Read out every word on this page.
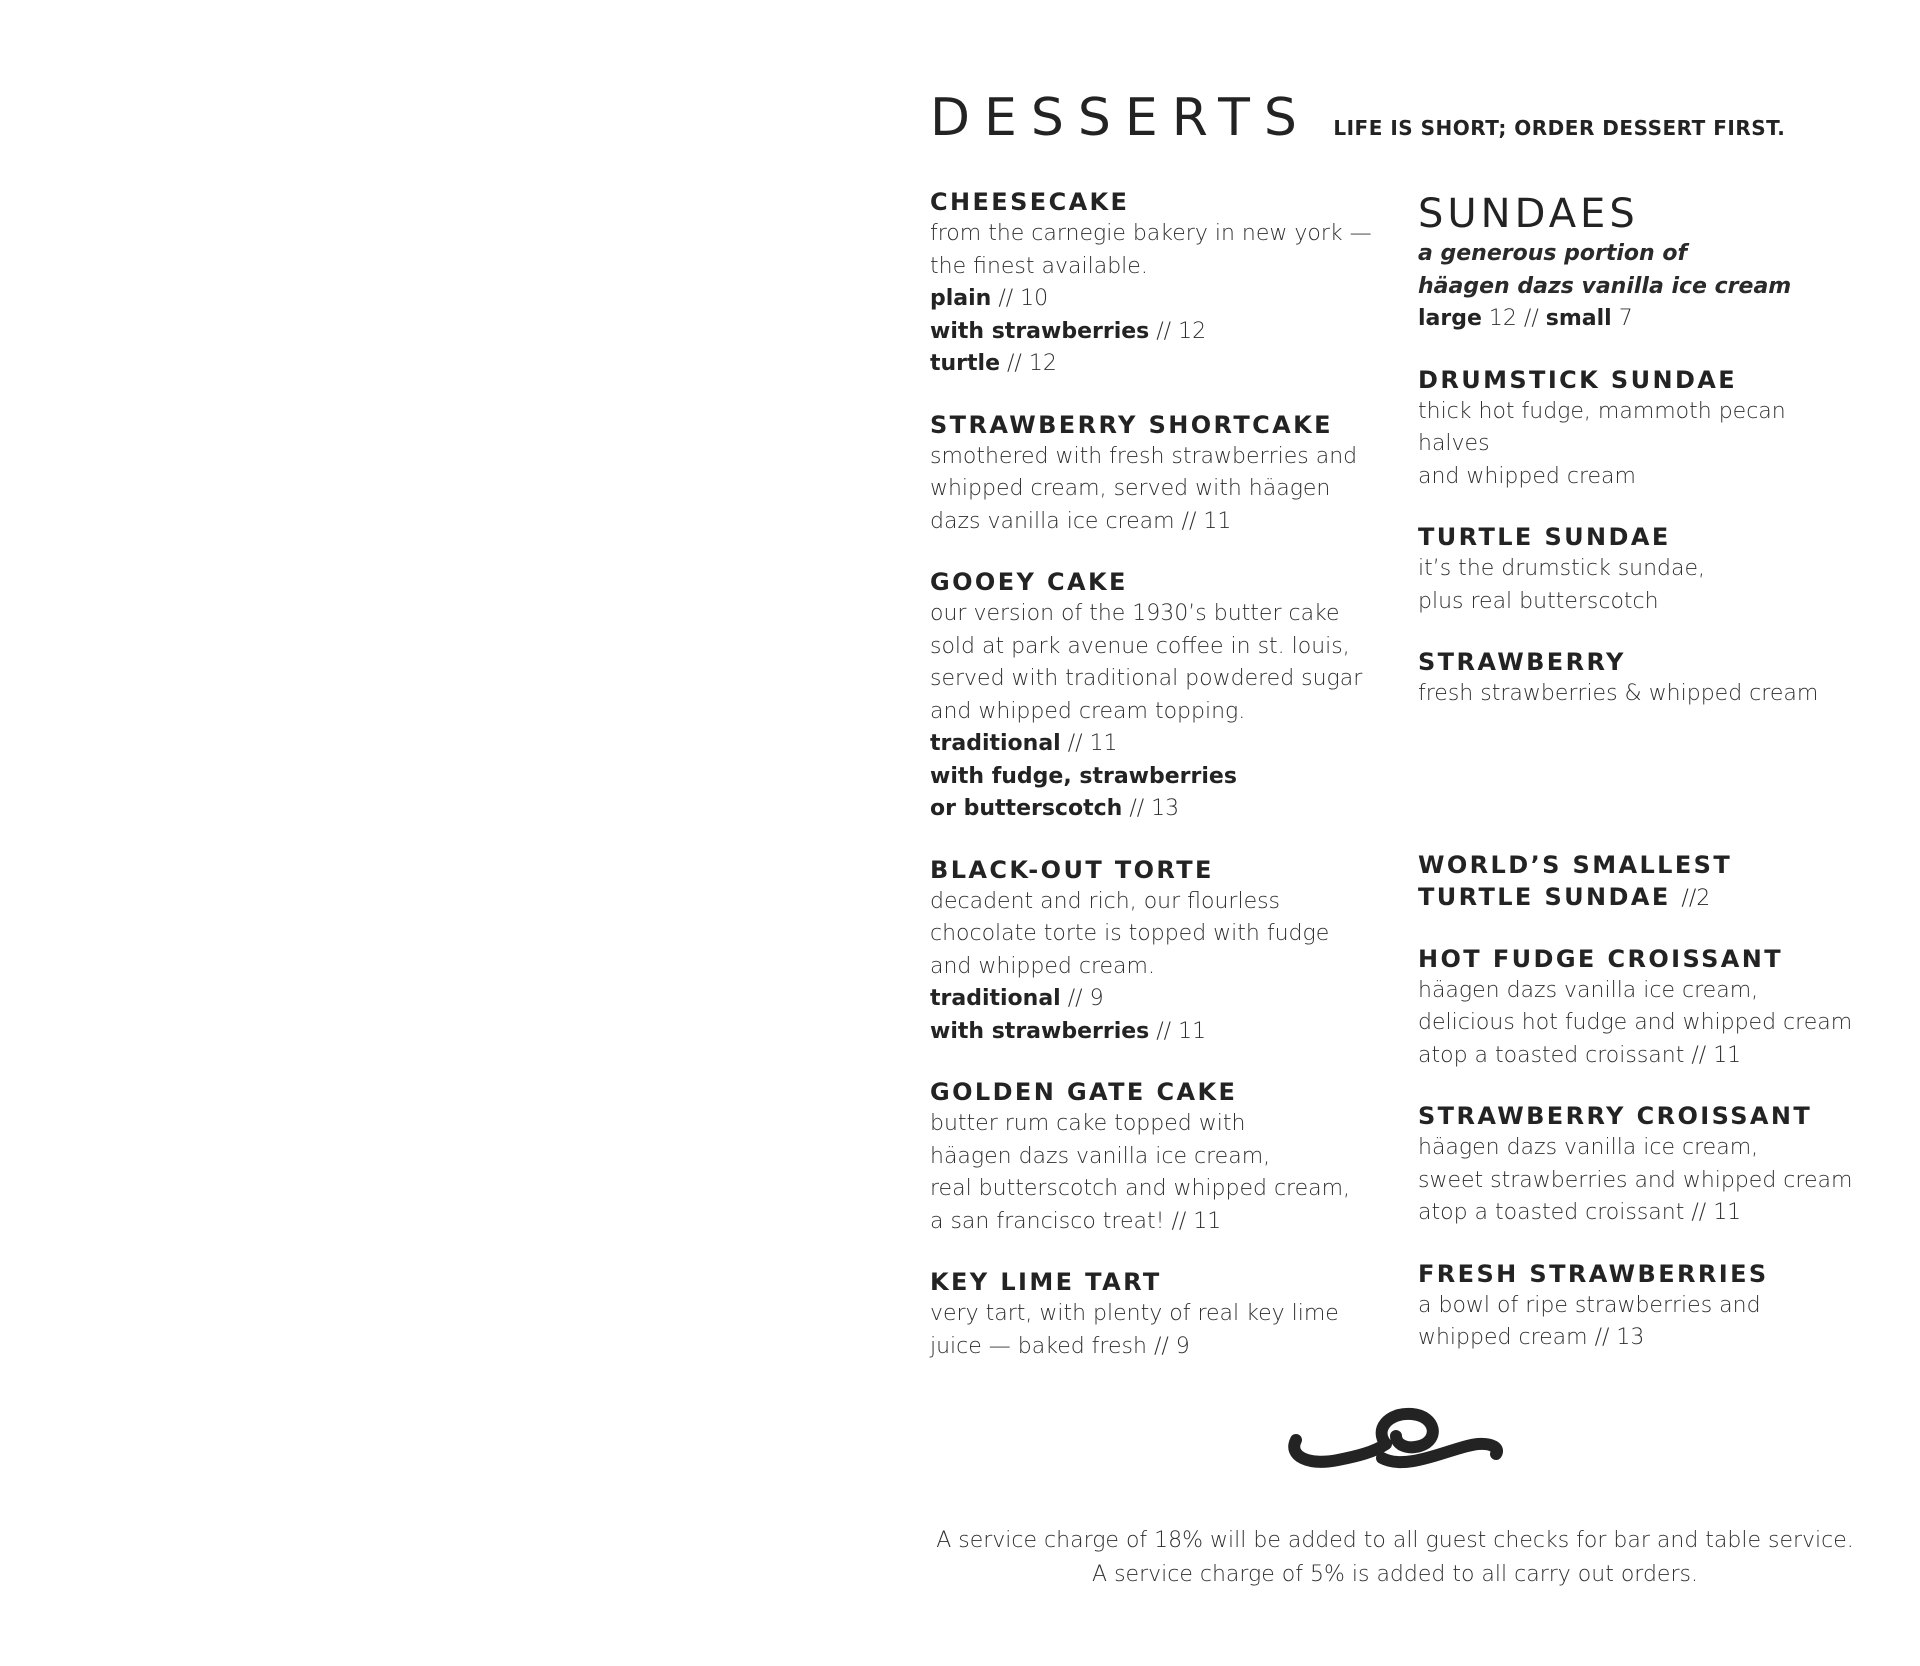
DESSERTS LIFE IS SHORT; ORDER DESSERT FIRST.
CHEESECAKE
from the carnegie bakery in new york —
the finest available.
plain // 10
with strawberries // 12
turtle // 12
STRAWBERRY SHORTCAKE
smothered with fresh strawberries and
whipped cream, served with häagen
dazs vanilla ice cream // 11
GOOEY CAKE
our version of the 1930’s butter cake
sold at park avenue coffee in st. louis,
served with traditional powdered sugar
and whipped cream topping.
traditional // 11
with fudge, strawberries
or butterscotch // 13
BLACK-OUT TORTE
decadent and rich, our flourless
chocolate torte is topped with fudge
and whipped cream.
traditional // 9
with strawberries // 11
GOLDEN GATE CAKE
butter rum cake topped with
häagen dazs vanilla ice cream,
real butterscotch and whipped cream,
a san francisco treat! // 11
KEY LIME TART
very tart, with plenty of real key lime
juice — baked fresh // 9
SUNDAES
a generous portion of
häagen dazs vanilla ice cream
large 12 // small 7
DRUMSTICK SUNDAE
thick hot fudge, mammoth pecan halves
and whipped cream
TURTLE SUNDAE
it’s the drumstick sundae,
plus real butterscotch
STRAWBERRY
fresh strawberries & whipped cream
WORLD’S SMALLEST
TURTLE SUNDAE //2
HOT FUDGE CROISSANT
häagen dazs vanilla ice cream,
delicious hot fudge and whipped cream
atop a toasted croissant // 11
STRAWBERRY CROISSANT
häagen dazs vanilla ice cream,
sweet strawberries and whipped cream
atop a toasted croissant // 11
FRESH STRAWBERRIES
a bowl of ripe strawberries and
whipped cream // 13
A service charge of 18% will be added to all guest checks for bar and table service.
A service charge of 5% is added to all carry out orders.
